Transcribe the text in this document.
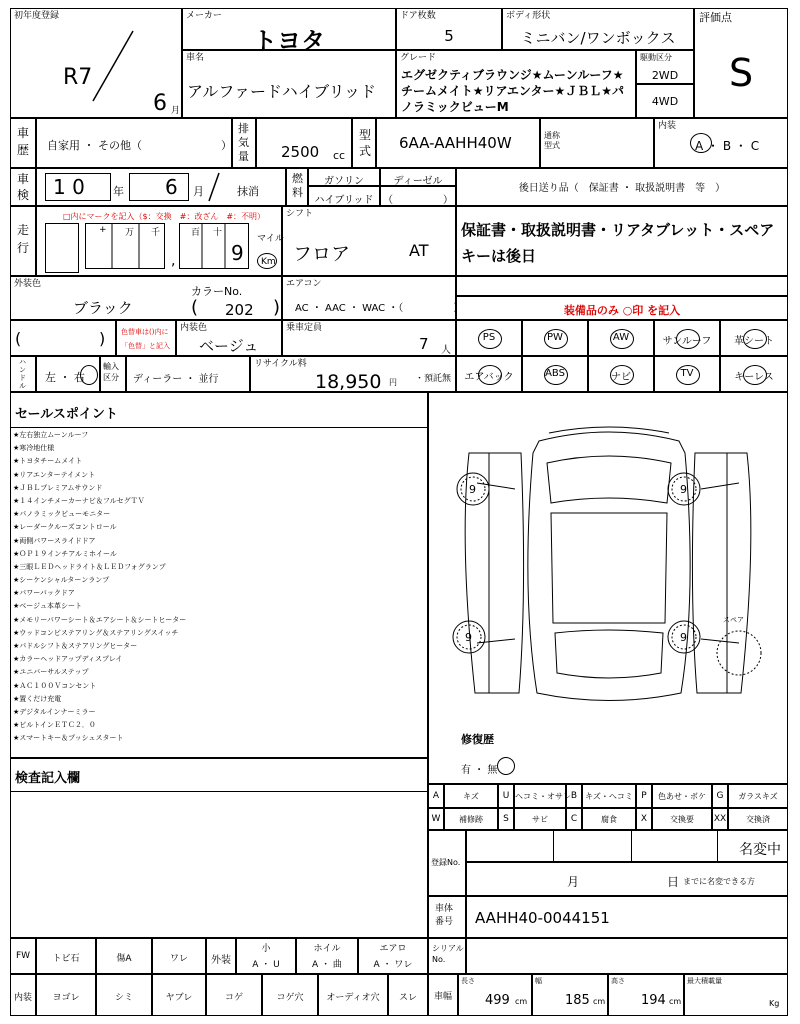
初年度登録
R7
6 月
メーカー
トヨタ
ドア枚数
5
ボディ形状
ミニバン/ワンボックス
評価点
S
車名
アルファードハイブリッド
グレード
エグゼクティブラウンジ★ムーンルーフ★チームメイト★リアエンター★ＪＢＬ★パノラミックビューM
駆動区分
2WD
4WD
車歴 自家用 ・ その他（	）
排気量 2500 cc
型式 6AA-AAHH40W	通称型式
内装
A ・ B ・ C
車検 1 0	年 6 月	抹消
燃料
ガソリン	ディーゼル
ハイブリッド （　　　　　）
後日送り品（　保証書 ・ 取扱説明書　等　）
走行
□内にマークを記入（$：交換　#：改ざん　#：不明）
+ 万 千
,
百 十
9
マイル
Km
シフト
フロア	AT
保証書・取扱説明書・リアタブレット・スペアキーは後日
外装色
ブラック
カラーNo.
( 202 )
エアコン
AC ・ AAC ・ WAC ・（　　　　　）	装備品のみ ○印 を記入
(	) 色替車は()内に
「色替」と記入
内装色
ベージュ
乗車定員
7 人
PS	PW	AW	サンルーフ	革シート
エアバック	ABS	ナビ	TV	キーレス
ハンドル
左 ・ 右
輸入区分	ディーラー ・ 並行
リサイクル料
18,950 円 ・預託無
セールスポイント
★左右独立ムーンルーフ
★寒冷地仕様
★トヨタチームメイト
★リアエンターテイメント
★ＪＢＬプレミアムサウンド
★１４インチメーカーナビ＆フルセグＴＶ
★パノラミックビューモニター
★レーダークルーズコントロール
★両側パワースライドドア
★ＯＰ１９インチアルミホイール
★三眼ＬＥＤヘッドライト＆ＬＥＤフォグランプ
★シーケンシャルターンランプ
★パワーバックドア
★ベージュ本革シート
★メモリーパワーシート＆エアシート＆シートヒーター
★ウッドコンビステアリング＆ステアリングスイッチ
★パドルシフト＆ステアリングヒーター
★カラーヘッドアップディスプレイ
★ユニバーサルステップ
★ＡＣ１００Ｖコンセント
★置くだけ充電
★デジタルインナーミラー
★ビルトインＥＴＣ２．０
★スマートキー＆プッシュスタート
検査記入欄
9	9
9	9
スペア
修復歴
有 ・ 無
A	キズ	U ヘコミ・オサレ B キズ・ヘコミ P	色あせ・ボケ	G	ガラスキズ
W	補修跡	S	サビ	C	腐食	X	交換要	XX	交換済
登録No.
名変中
月	日 までに名変できる方
車体番号	AAHH40-0044151
FW	トビ石	傷A	ワレ	外装
小
A ・ U
ホイル
A ・ 曲
エアロ
A ・ ワレ
シリアルNo.
内装	ヨゴレ	シミ	ヤブレ	コゲ	コゲ穴	オーディオ穴	スレ	車幅
長さ
499 cm
幅
185 cm
高さ
194 cm
最大積載量
Kg
